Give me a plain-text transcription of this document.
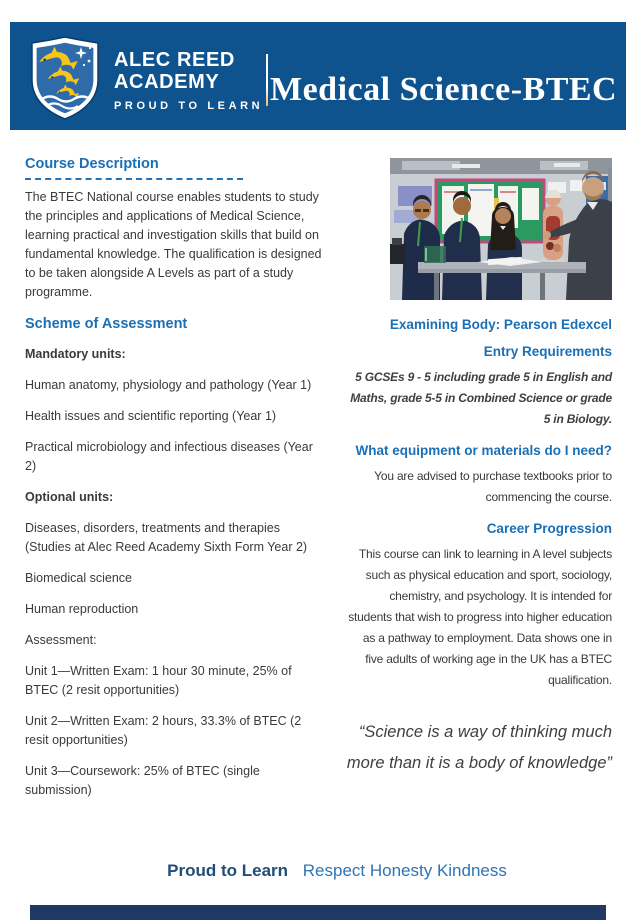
ALEC REED
ACADEMY
PROUD TO LEARN Medical Science-BTEC
Course Description

The BTEC National course enables students to study the principles and applications of Medical Science, learning practical and investigation skills that build on fundamental knowledge. The qualification is designed to be taken alongside A Levels as part of a study programme.

Scheme of Assessment

Mandatory units:

Human anatomy, physiology and pathology (Year 1)

Health issues and scientific reporting (Year 1)

Practical microbiology and infectious diseases (Year 2)

Optional units:

Diseases, disorders, treatments and therapies (Studies at Alec Reed Academy Sixth Form Year 2)

Biomedical science

Human reproduction

Assessment:

Unit 1—Written Exam: 1 hour 30 minute, 25% of BTEC (2 resit opportunities)

Unit 2—Written Exam: 2 hours, 33.3% of BTEC (2 resit opportunities)

Unit 3—Coursework: 25% of BTEC (single submission)

Examining Body: Pearson Edexcel
Entry Requirements

5 GCSEs 9 - 5 including grade 5 in English and Maths, grade 5-5 in Combined Science or grade 5 in Biology.

What equipment or materials do I need?

You are advised to purchase textbooks prior to commencing the course.

Career Progression

This course can link to learning in A level subjects such as physical education and sport, sociology, chemistry, and psychology. It is intended for students that wish to progress into higher education as a pathway to employment. Data shows one in five adults of working age in the UK has a BTEC qualification.

“Science is a way of thinking much more than it is a body of knowledge”
Proud to Learn Respect Honesty Kindness
